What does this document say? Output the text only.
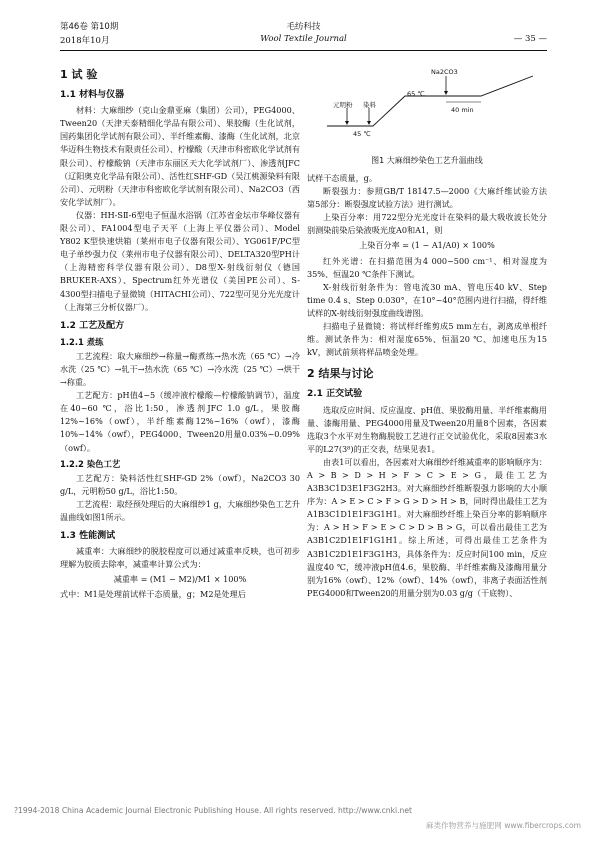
第46卷 第10期
2018年10月
毛纺科技
Wool Textile Journal	— 35 —

1 试 验

1.1 材料与仪器

材料：大麻细纱（克山金鼎亚麻（集团）公司），PEG4000、Tween20（天津天泰精细化学品有限公司）、果胶酶（生化试剂，国药集团化学试剂有限公司）、半纤维素酶、漆酶（生化试剂，北京华迈科生物技术有限责任公司）、柠檬酸（天津市科密欧化学试剂有限公司）、柠檬酸钠（天津市东丽区天大化学试剂厂）、渗透剂JFC（辽阳奥克化学品有限公司）、活性红SHF-GD（吴江桃源染料有限公司）、元明粉（天津市科密欧化学试剂有限公司）、Na2CO3（西安化学试剂厂）。

仪器：HH-SⅡ-6型电子恒温水浴锅（江苏省金坛市华峰仪器有限公司）、FA1004型电子天平（上海上平仪器公司）、Model Y802 K型快速烘箱（莱州市电子仪器有限公司）、YG061F/PC型电子单纱强力仪（莱州市电子仪器有限公司）、DELTA320型PH计（上海精密科学仪器有限公司）、D8型X-射线衍射仪（德国BRUKER-AXS）、Spectrum红外光谱仪（美国PE公司）、S-4300型扫描电子显微镜（HITACHI公司）、722型可见分光光度计（上海第三分析仪器厂）。

1.2 工艺及配方

1.2.1 煮练

工艺流程：取大麻细纱→称量→酶煮练→热水洗（65 ℃）→冷水洗（25 ℃）→轧干→热水洗（65 ℃）→冷水洗（25 ℃）→烘干→称重。

工艺配方：pH值4~5（缓冲液柠檬酸—柠檬酸钠调节），温度在40~60 ℃，浴比1:50，渗透剂JFC 1.0 g/L，果胶酶12%~16%（owf），半纤维素酶12%~16%（owf），漆酶10%~14%（owf），PEG4000、Tween20用量0.03%~0.09%（owf）。

1.2.2 染色工艺

工艺配方：染料活性红SHF-GD 2%（owf），Na2CO3 30 g/L，元明粉50 g/L，浴比1:50。

工艺流程：取经预处理后的大麻细纱1 g，大麻细纱染色工艺升温曲线如图1所示。

1.3 性能测试

减重率：大麻细纱的脱胶程度可以通过减重率反映，也可初步理解为胶质去除率，减重率计算公式为：

减重率 = (M1 − M2)/M1 × 100%

式中：M1是处理前试样干态质量，g；M2是处理后

Na2CO3
65 ℃
40 min
元明粉 染料
45 ℃
图1 大麻细纱染色工艺升温曲线

试样干态质量，g。

断裂强力：参照GB/T 18147.5—2000《大麻纤维试验方法 第5部分：断裂强度试验方法》进行测试。

上染百分率：用722型分光光度计在染料的最大吸收波长处分别测染前染后染液吸光度A0和A1，则

上染百分率 = (1 − A1/A0) × 100%

红外光谱：在扫描范围为4 000~500 cm⁻¹、相对湿度为35%、恒温20 ℃条件下测试。

X-射线衍射条件为：管电流30 mA、管电压40 kV、Step time 0.4 s、Step 0.030°，在10°~40°范围内进行扫描，得纤维试样的X-射线衍射强度曲线谱图。

扫描电子显微镜：将试样纤维剪成5 mm左右，剥离成单根纤维。测试条件为：相对湿度65%、恒温20 ℃、加速电压为15 kV，测试前须将样品喷金处理。

2 结果与讨论

2.1 正交试验

选取反应时间、反应温度、pH值、果胶酶用量、半纤维素酶用量、漆酶用量、PEG4000用量及Tween20用量8个因素，各因素选取3个水平对生物酶脱胶工艺进行正交试验优化，采取8因素3水平的L27(3⁸)的正交表，结果见表1。

由表1可以看出，各因素对大麻细纱纤维减重率的影响顺序为：A > B > D > H > F > C > E > G，最佳工艺为A3B3C1D3E1F3G2H3。对大麻细纱纤维断裂强力影响的大小顺序为：A > E > C > F > G > D > H > B，同时得出最佳工艺为A1B3C1D1E1F3G1H1。对大麻细纱纤维上染百分率的影响顺序为：A > H > F > E > C > D > B > G，可以看出最佳工艺为A3B1C2D1E1F1G1H1。综上所述，可得出最佳工艺条件为A3B1C2D1E1F3G1H3，具体条件为：反应时间100 min，反应温度40 ℃，缓冲液pH值4.6，果胶酶、半纤维素酶及漆酶用量分别为16%（owf）、12%（owf）、14%（owf），非离子表面活性剂PEG4000和Tween20的用量分别为0.03 g/g（干底物）、

?1994-2018 China Academic Journal Electronic Publishing House. All rights reserved. http://www.cnki.net
麻类作物营养与施肥网 www.fibercrops.com
